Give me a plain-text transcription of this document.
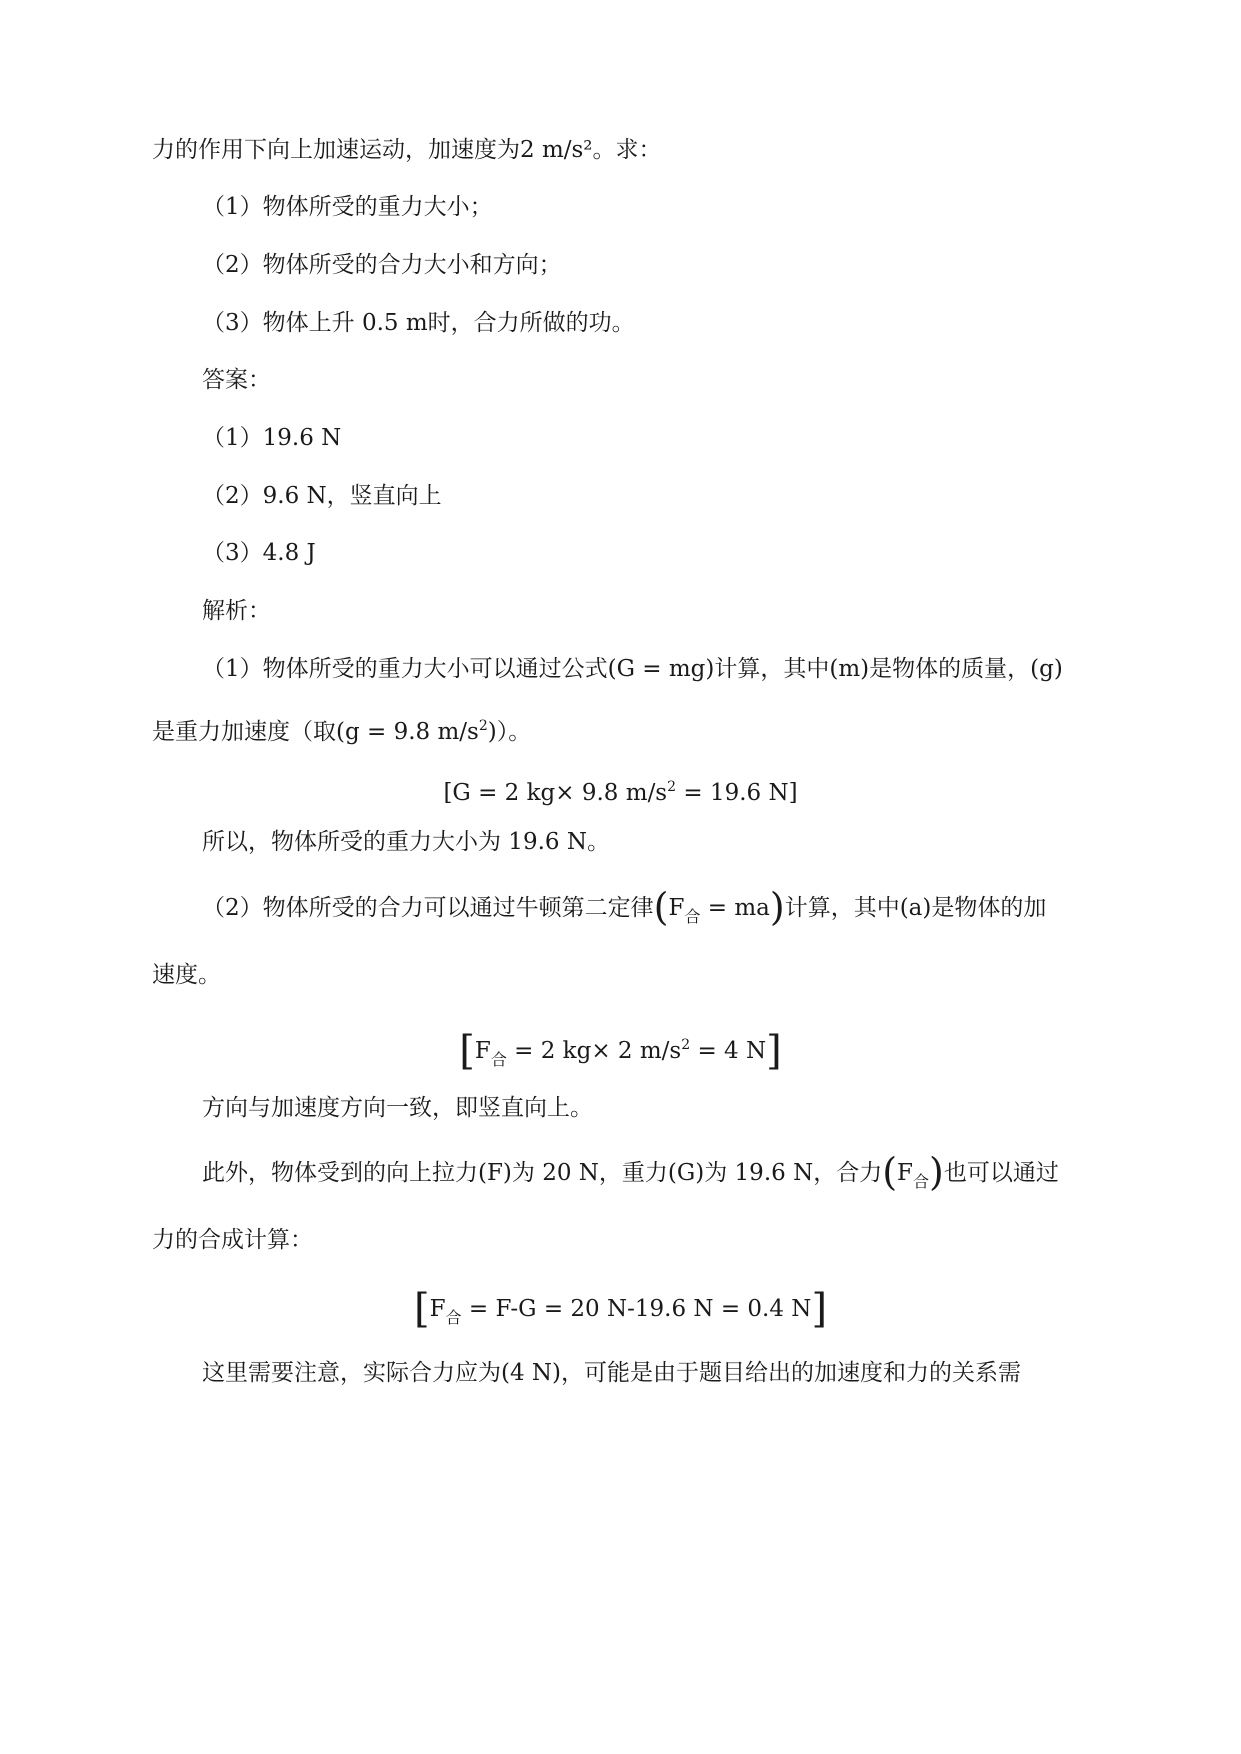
力的作用下向上加速运动，加速度为2 m/s²。求：
（1）物体所受的重力大小；
（2）物体所受的合力大小和方向；
（3）物体上升 0.5 m时，合力所做的功。
答案：
（1）19.6 N
（2）9.6 N，竖直向上
（3）4.8 J
解析：
（1）物体所受的重力大小可以通过公式(G = mg)计算，其中(m)是物体的质量，(g)
是重力加速度（取(g = 9.8 $m/s^2$)）。
[G = 2 kg× 9.8 $m/s^2 = 19.6$ N]
所以，物体所受的重力大小为 19.6 N。
（2）物体所受的合力可以通过牛顿第二定律$(F_合 = ma)$计算，其中(a)是物体的加
速度。
[$F_合 = 2$ kg× 2 $m/s^2 = 4$ N]
方向与加速度方向一致，即竖直向上。
此外，物体受到的向上拉力(F)为 20 N，重力(G)为 19.6 N，合力$(F_合)$也可以通过
力的合成计算：
[$F_合 = F-G = 20$ N-19.6 N = 0.4 N]
这里需要注意，实际合力应为(4 N)，可能是由于题目给出的加速度和力的关系需
